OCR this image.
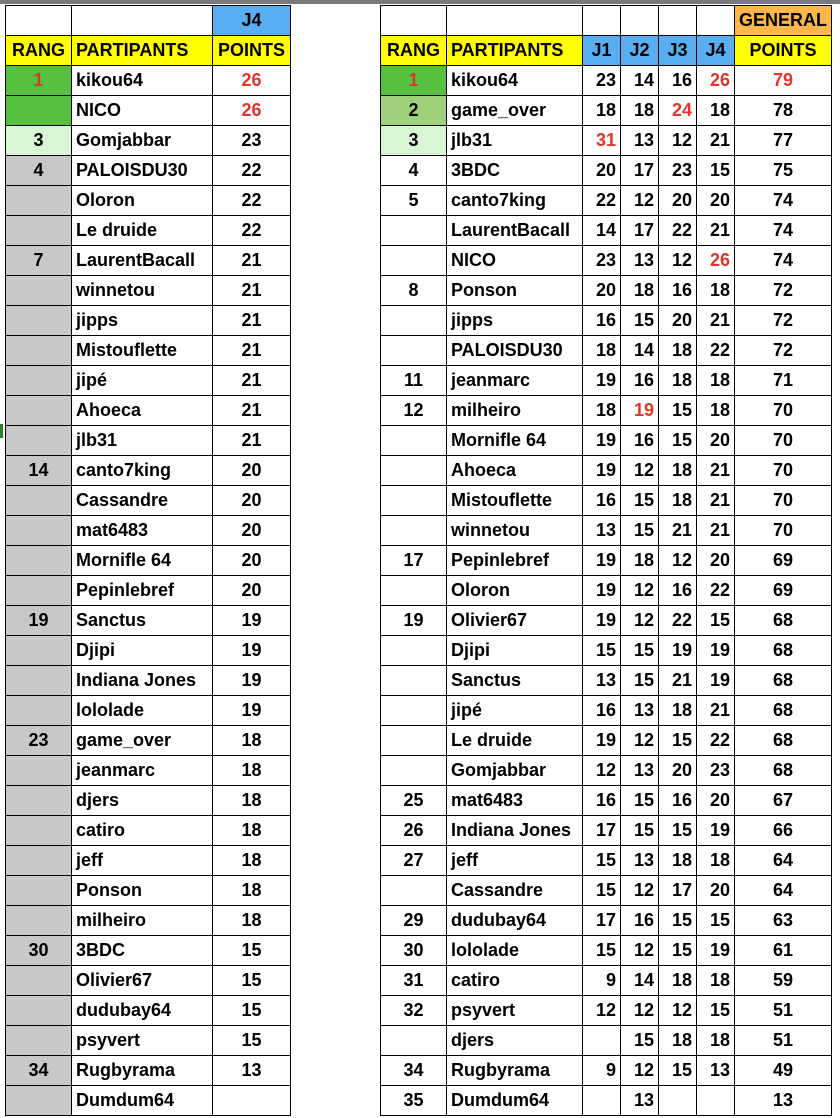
		J4
RANG	PARTIPANTS	POINTS
1	kikou64	26
	NICO	26
3	Gomjabbar	23
4	PALOISDU30	22
	Oloron	22
	Le druide	22
7	LaurentBacall	21
	winnetou	21
	jipps	21
	Mistouflette	21
	jipé	21
	Ahoeca	21
	jlb31	21
14	canto7king	20
	Cassandre	20
	mat6483	20
	Mornifle 64	20
	Pepinlebref	20
19	Sanctus	19
	Djipi	19
	Indiana Jones	19
	lololade	19
23	game_over	18
	jeanmarc	18
	djers	18
	catiro	18
	jeff	18
	Ponson	18
	milheiro	18
30	3BDC	15
	Olivier67	15
	dudubay64	15
	psyvert	15
34	Rugbyrama	13
	Dumdum64	
						GENERAL
RANG	PARTIPANTS	J1	J2	J3	J4	POINTS
1	kikou64	23	14	16	26	79
2	game_over	18	18	24	18	78
3	jlb31	31	13	12	21	77
4	3BDC	20	17	23	15	75
5	canto7king	22	12	20	20	74
	LaurentBacall	14	17	22	21	74
	NICO	23	13	12	26	74
8	Ponson	20	18	16	18	72
	jipps	16	15	20	21	72
	PALOISDU30	18	14	18	22	72
11	jeanmarc	19	16	18	18	71
12	milheiro	18	19	15	18	70
	Mornifle 64	19	16	15	20	70
	Ahoeca	19	12	18	21	70
	Mistouflette	16	15	18	21	70
	winnetou	13	15	21	21	70
17	Pepinlebref	19	18	12	20	69
	Oloron	19	12	16	22	69
19	Olivier67	19	12	22	15	68
	Djipi	15	15	19	19	68
	Sanctus	13	15	21	19	68
	jipé	16	13	18	21	68
	Le druide	19	12	15	22	68
	Gomjabbar	12	13	20	23	68
25	mat6483	16	15	16	20	67
26	Indiana Jones	17	15	15	19	66
27	jeff	15	13	18	18	64
	Cassandre	15	12	17	20	64
29	dudubay64	17	16	15	15	63
30	lololade	15	12	15	19	61
31	catiro	9	14	18	18	59
32	psyvert	12	12	12	15	51
	djers		15	18	18	51
34	Rugbyrama	9	12	15	13	49
35	Dumdum64		13			13
